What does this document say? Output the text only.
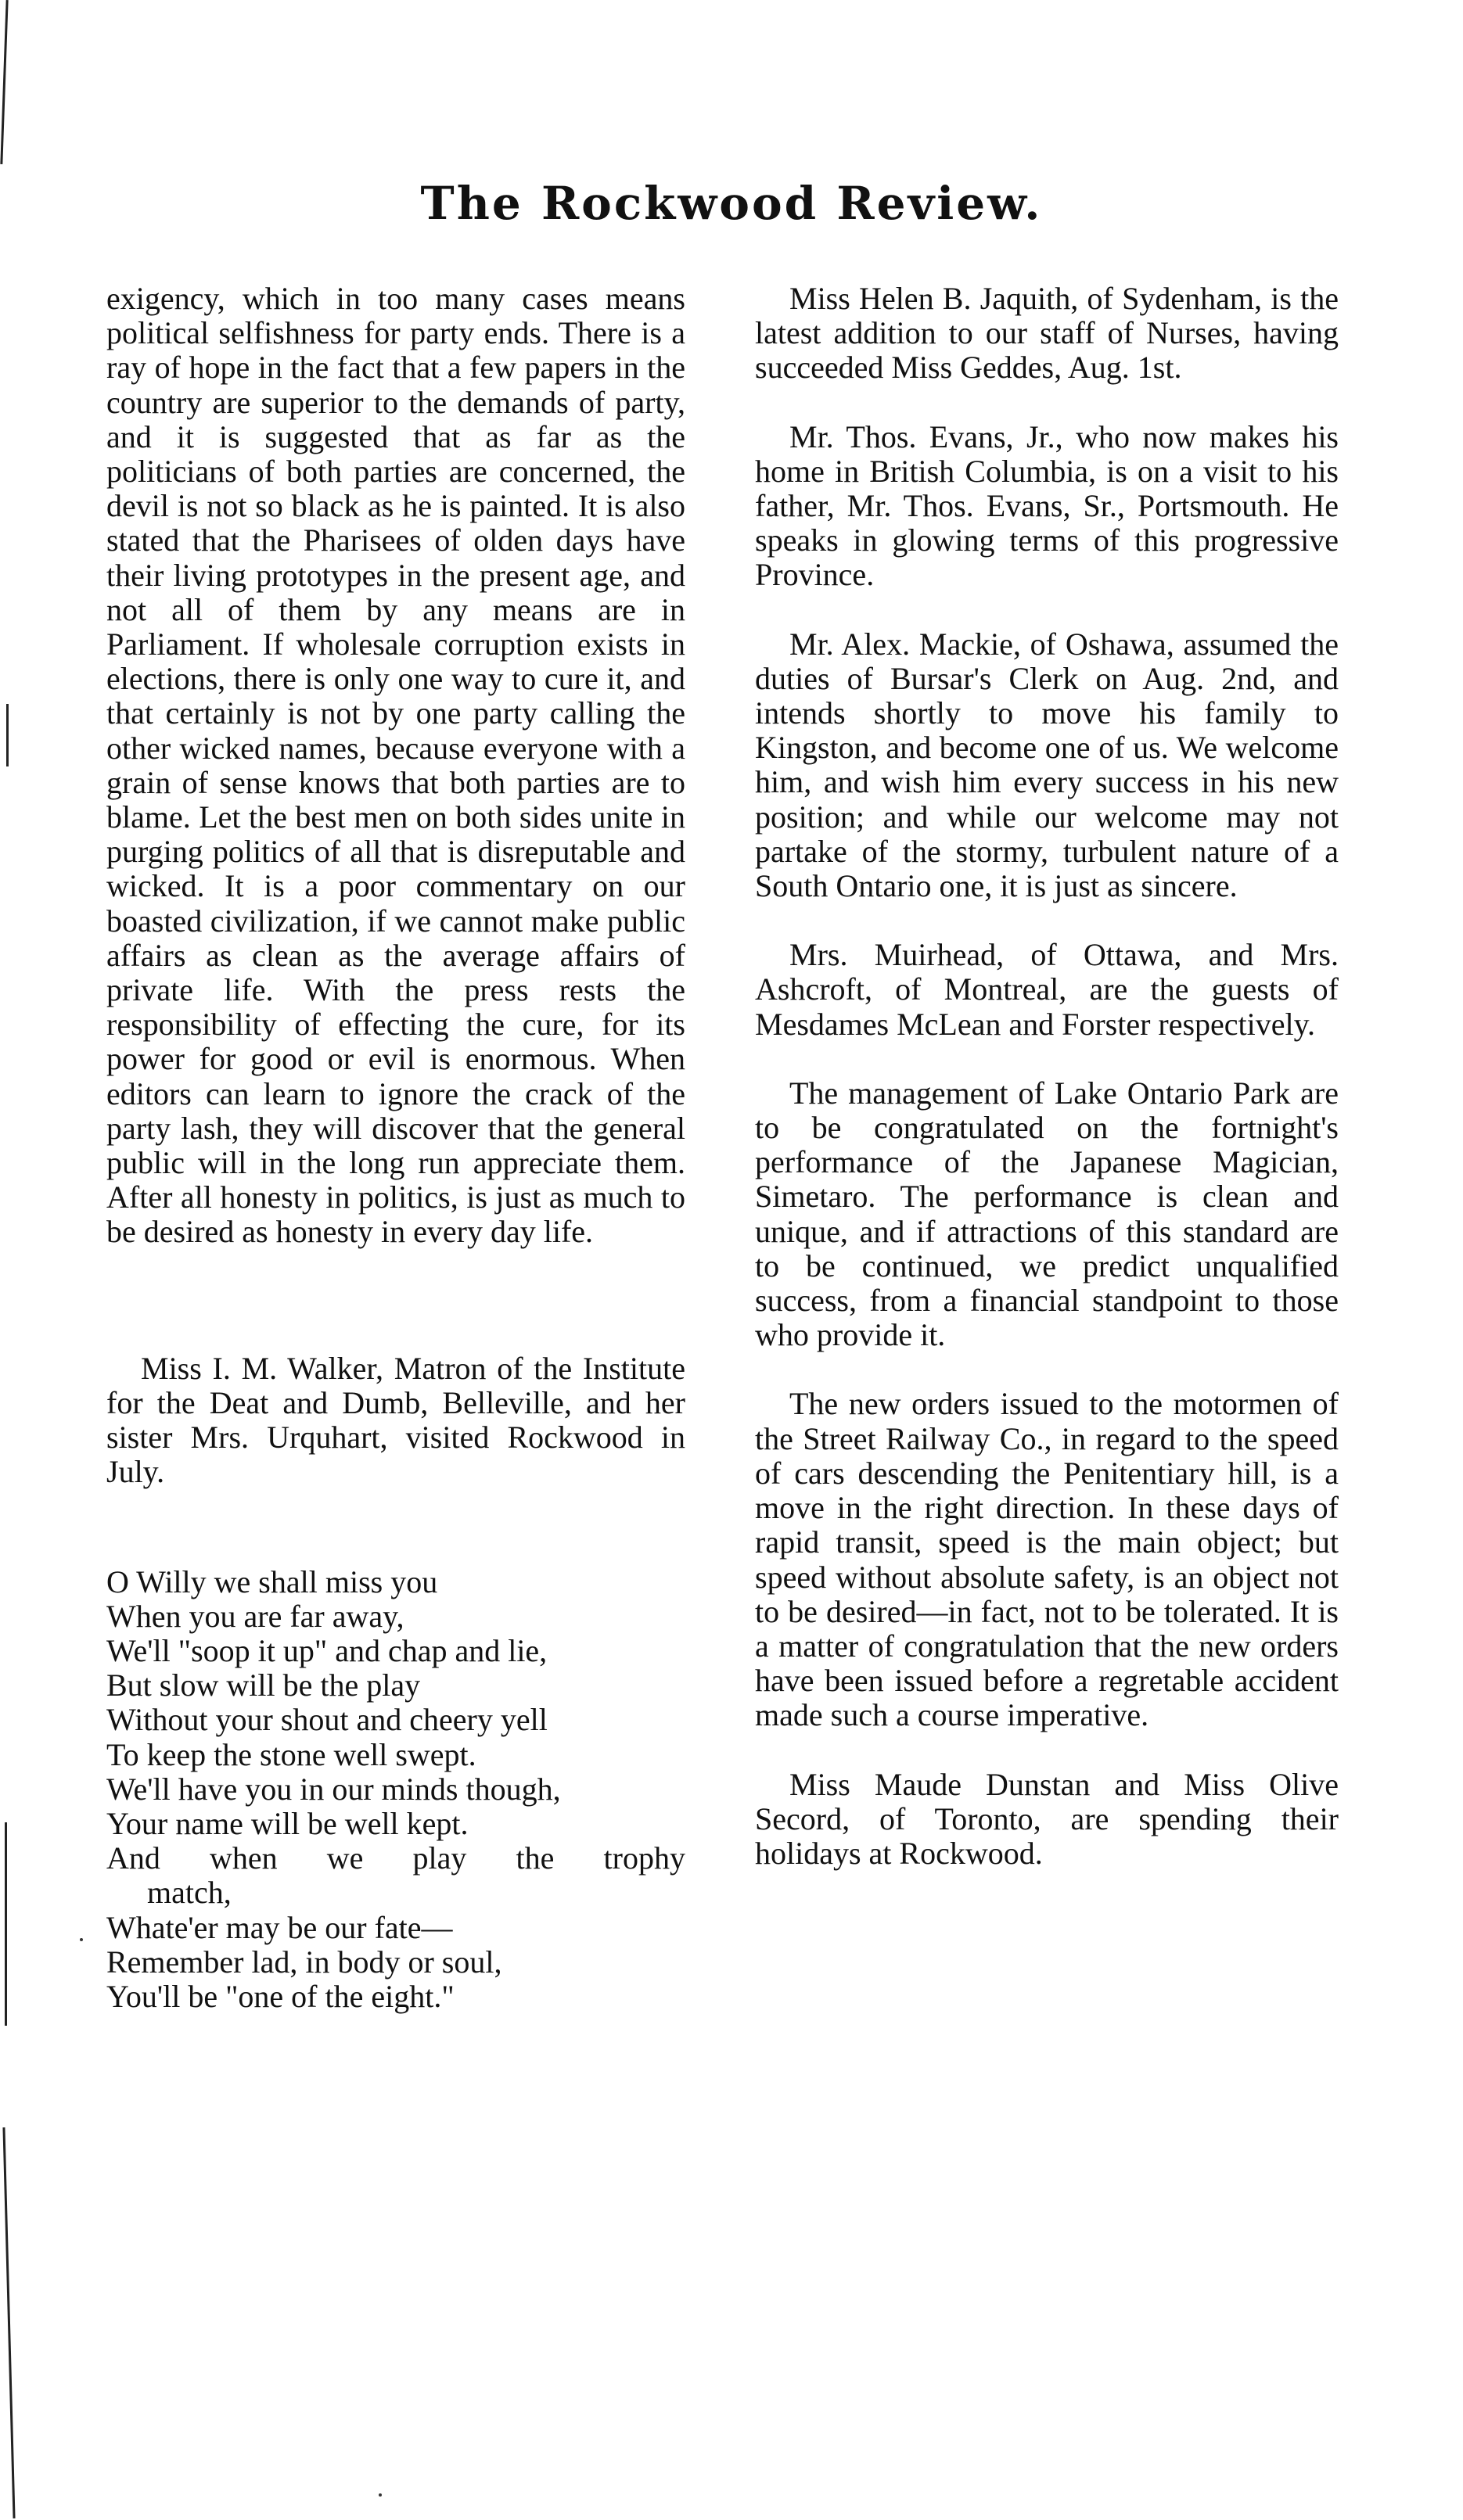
The Rockwood Review.

exigency, which in too many cases means political selfishness for party ends. There is a ray of hope in the fact that a few papers in the country are superior to the demands of party, and it is suggested that as far as the politicians of both parties are concerned, the devil is not so black as he is painted. It is also stated that the Pharisees of olden days have their living prototypes in the present age, and not all of them by any means are in Parliament. If wholesale corruption exists in elections, there is only one way to cure it, and that certainly is not by one party calling the other wicked names, because everyone with a grain of sense knows that both parties are to blame. Let the best men on both sides unite in purging politics of all that is disreputable and wicked. It is a poor commentary on our boasted civilization, if we cannot make public affairs as clean as the average affairs of private life. With the press rests the responsibility of effecting the cure, for its power for good or evil is enormous. When editors can learn to ignore the crack of the party lash, they will discover that the general public will in the long run appreciate them. After all honesty in politics, is just as much to be desired as honesty in every day life.

Miss I. M. Walker, Matron of the Institute for the Deat and Dumb, Belleville, and her sister Mrs. Urquhart, visited Rockwood in July.

O Willy we shall miss you
When you are far away,
We'll "soop it up" and chap and lie,
But slow will be the play
Without your shout and cheery yell
To keep the stone well swept.
We'll have you in our minds though,
Your name will be well kept.
And when we play the trophy
match,
Whate'er may be our fate—
Remember lad, in body or soul,
You'll be "one of the eight."

Miss Helen B. Jaquith, of Sydenham, is the latest addition to our staff of Nurses, having succeeded Miss Geddes, Aug. 1st.

Mr. Thos. Evans, Jr., who now makes his home in British Columbia, is on a visit to his father, Mr. Thos. Evans, Sr., Portsmouth. He speaks in glowing terms of this progressive Province.

Mr. Alex. Mackie, of Oshawa, assumed the duties of Bursar's Clerk on Aug. 2nd, and intends shortly to move his family to Kingston, and become one of us. We welcome him, and wish him every success in his new position; and while our welcome may not partake of the stormy, turbulent nature of a South Ontario one, it is just as sincere.

Mrs. Muirhead, of Ottawa, and Mrs. Ashcroft, of Montreal, are the guests of Mesdames McLean and Forster respectively.

The management of Lake Ontario Park are to be congratulated on the fortnight's performance of the Japanese Magician, Simetaro. The performance is clean and unique, and if attractions of this standard are to be continued, we predict unqualified success, from a financial standpoint to those who provide it.

The new orders issued to the motormen of the Street Railway Co., in regard to the speed of cars descending the Penitentiary hill, is a move in the right direction. In these days of rapid transit, speed is the main object; but speed without absolute safety, is an object not to be desired—in fact, not to be tolerated. It is a matter of congratulation that the new orders have been issued before a regretable accident made such a course imperative.

Miss Maude Dunstan and Miss Olive Secord, of Toronto, are spending their holidays at Rockwood.
